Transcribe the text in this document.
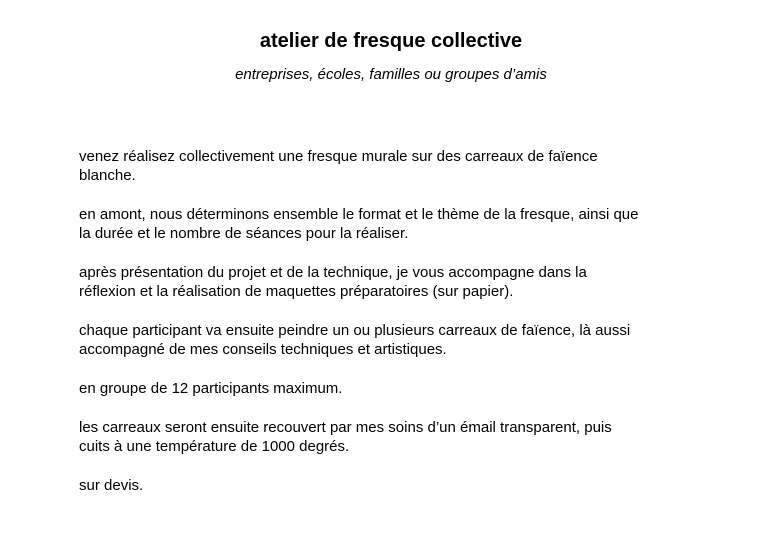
atelier de fresque collective

entreprises, écoles, familles ou groupes d’amis

venez réalisez collectivement une fresque murale sur des carreaux de faïence
blanche.

en amont, nous déterminons ensemble le format et le thème de la fresque, ainsi que
la durée et le nombre de séances pour la réaliser.

après présentation du projet et de la technique, je vous accompagne dans la
réflexion et la réalisation de maquettes préparatoires (sur papier).

chaque participant va ensuite peindre un ou plusieurs carreaux de faïence, là aussi
accompagné de mes conseils techniques et artistiques.

en groupe de 12 participants maximum.

les carreaux seront ensuite recouvert par mes soins d’un émail transparent, puis
cuits à une température de 1000 degrés.

sur devis.
